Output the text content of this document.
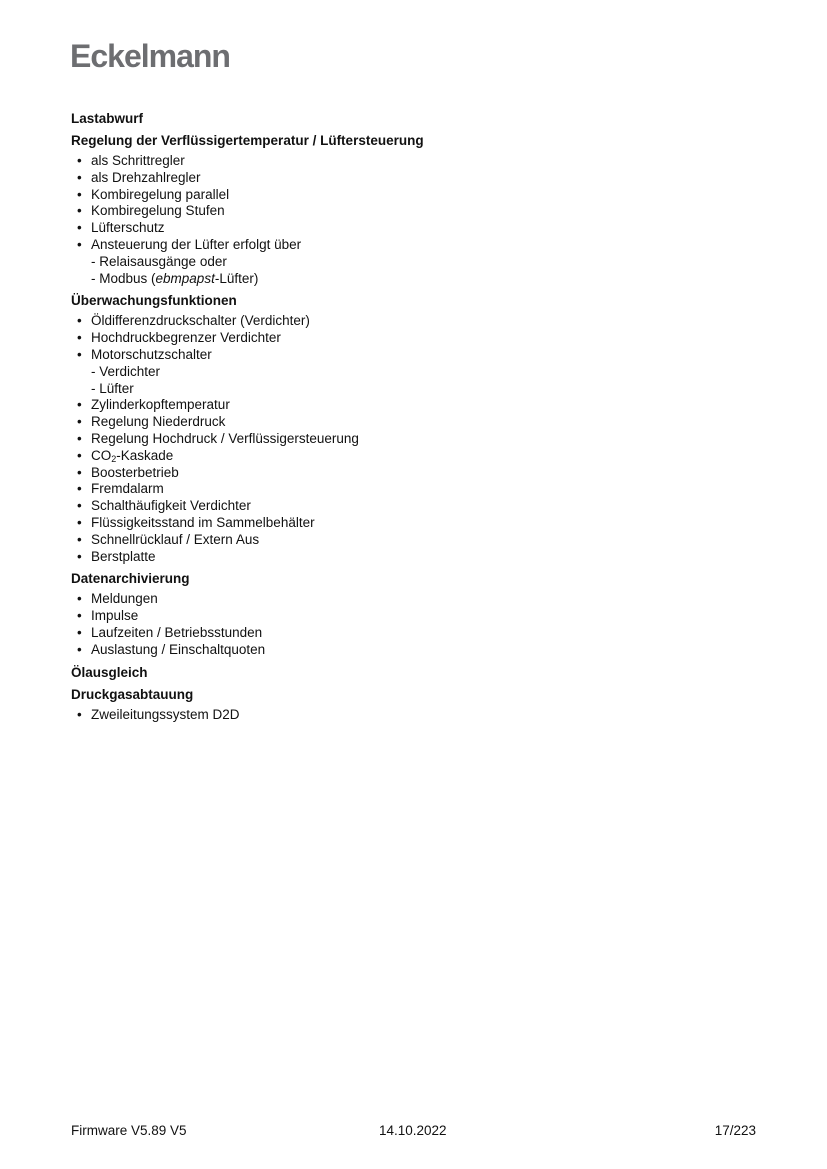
Eckelmann
Lastabwurf
Regelung der Verflüssigertemperatur / Lüftersteuerung
• als Schrittregler
• als Drehzahlregler
• Kombiregelung parallel
• Kombiregelung Stufen
• Lüfterschutz
• Ansteuerung der Lüfter erfolgt über
- Relaisausgänge oder
- Modbus (ebmpapst-Lüfter)
Überwachungsfunktionen
• Öldifferenzdruckschalter (Verdichter)
• Hochdruckbegrenzer Verdichter
• Motorschutzschalter
- Verdichter
- Lüfter
• Zylinderkopftemperatur
• Regelung Niederdruck
• Regelung Hochdruck / Verflüssigersteuerung
• $CO_2$-Kaskade
• Boosterbetrieb
• Fremdalarm
• Schalthäufigkeit Verdichter
• Flüssigkeitsstand im Sammelbehälter
• Schnellrücklauf / Extern Aus
• Berstplatte
Datenarchivierung
• Meldungen
• Impulse
• Laufzeiten / Betriebsstunden
• Auslastung / Einschaltquoten
Ölausgleich
Druckgasabtauung
• Zweileitungssystem D2D
Firmware V5.89 V5	14.10.2022	17/223
